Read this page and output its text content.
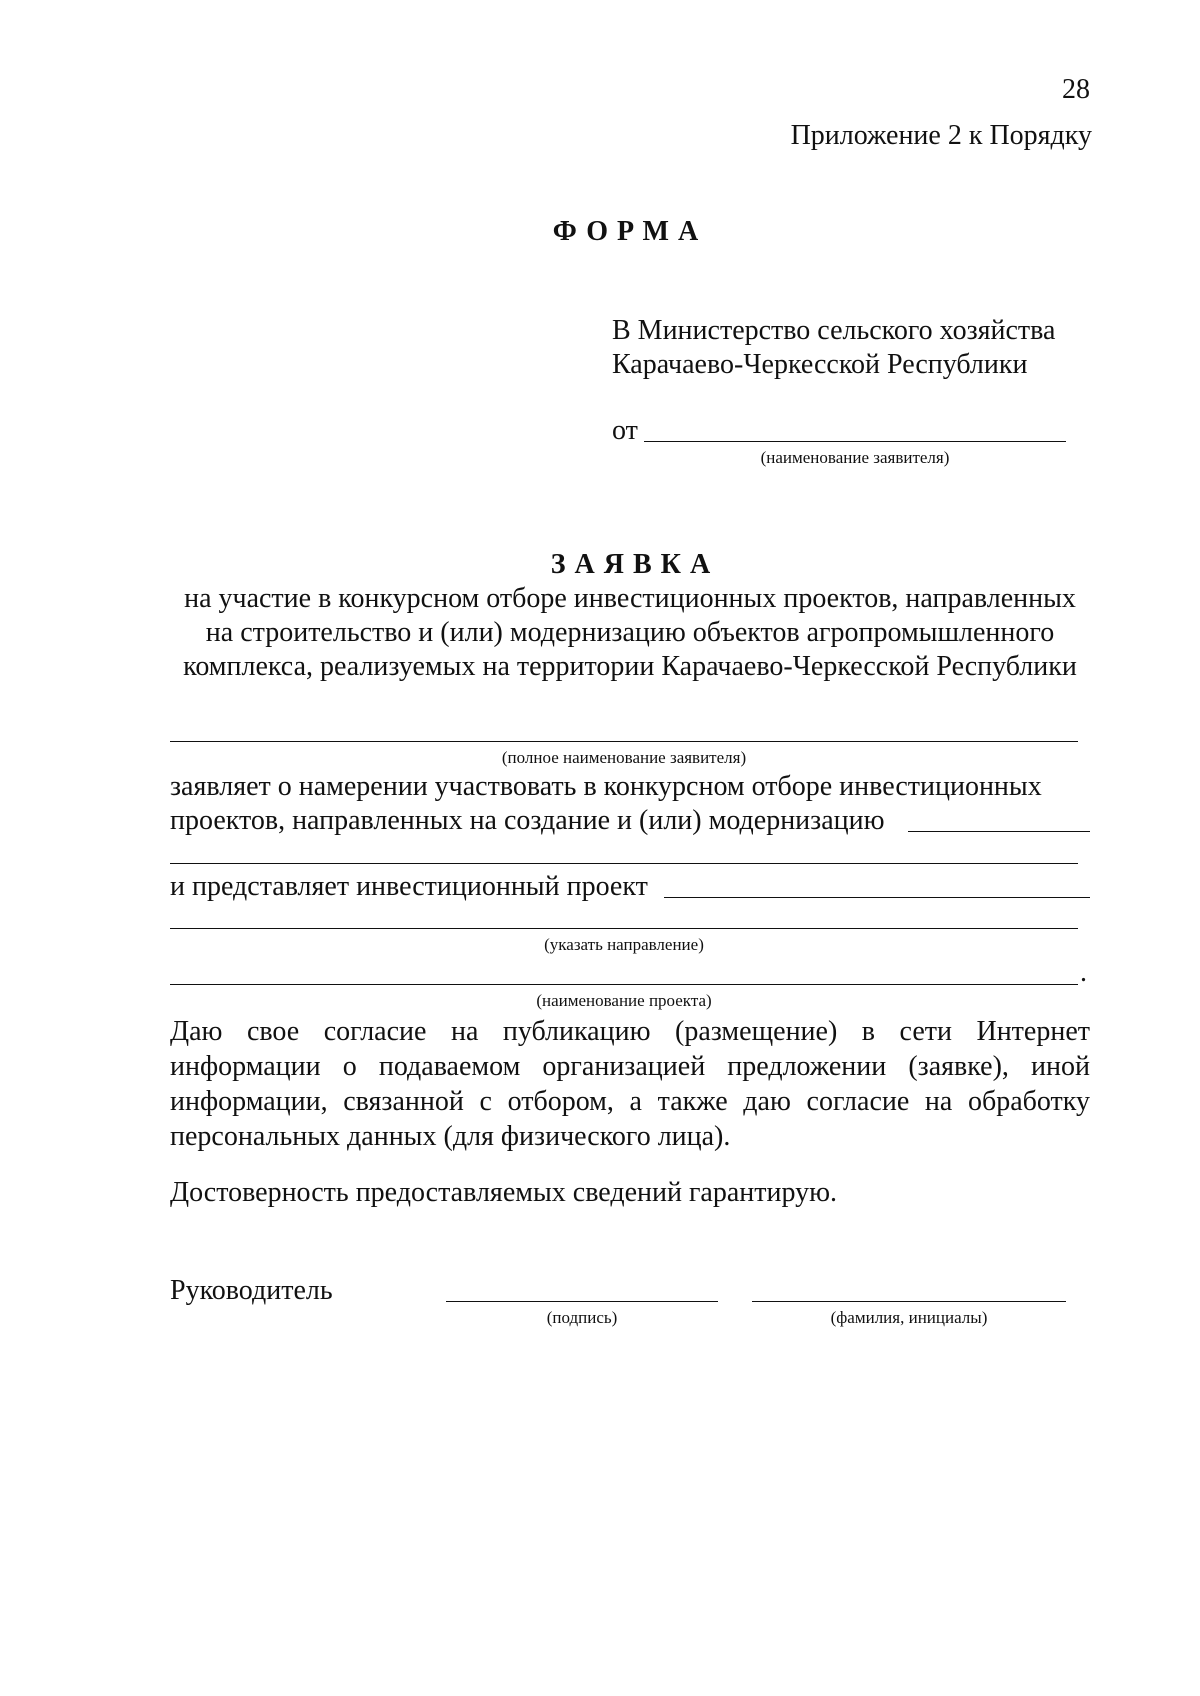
28
Приложение 2 к Порядку
ФОРМА
В Министерство сельского хозяйства
Карачаево-Черкесской Республики
от
(наименование заявителя)
ЗАЯВКА
на участие в конкурсном отборе инвестиционных проектов, направленных
на строительство и (или) модернизацию объектов агропромышленного
комплекса, реализуемых на территории Карачаево-Черкесской Республики
(полное наименование заявителя)
заявляет о намерении участвовать в конкурсном отборе инвестиционных
проектов, направленных на создание и (или) модернизацию
и представляет инвестиционный проект
(указать направление)
.
(наименование проекта)
Даю свое согласие на публикацию (размещение) в сети Интернет информации о подаваемом организацией предложении (заявке), иной информации, связанной с отбором, а также даю согласие на обработку персональных данных (для физического лица).
Достоверность предоставляемых сведений гарантирую.
Руководитель
(подпись)	(фамилия, инициалы)
